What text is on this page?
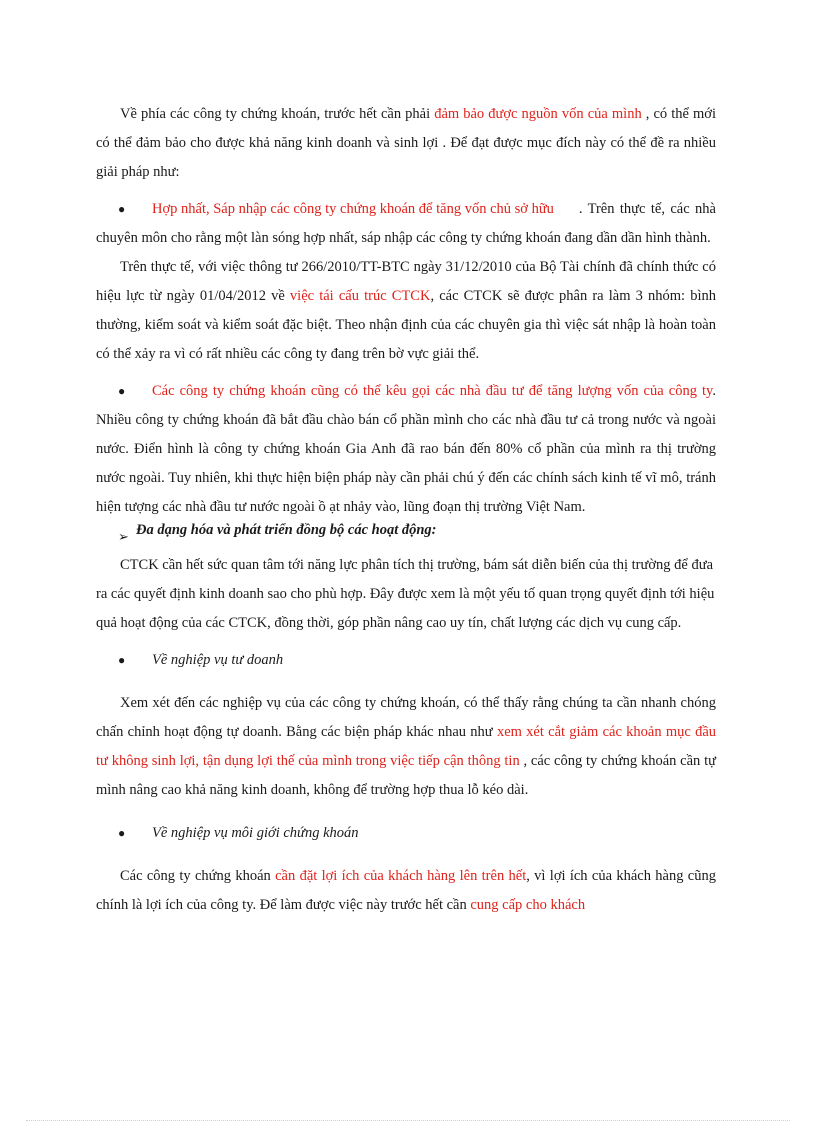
Về phía các công ty chứng khoán, trước hết cần phải đảm bảo được nguồn vốn của mình , có thể mới có thể đảm bảo cho được khả năng kinh doanh và sinh lợi . Để đạt được mục đích này có thể đề ra nhiều giải pháp như:

●	Hợp nhất, Sáp nhập các công ty chứng khoán để tăng vốn chủ sở hữu	. Trên thực tế, các nhà chuyên môn cho rằng một làn sóng hợp nhất, sáp nhập các công ty chứng khoán đang dần dần hình thành.

Trên thực tế, với việc thông tư 266/2010/TT-BTC ngày 31/12/2010 của Bộ Tài chính đã chính thức có hiệu lực từ ngày 01/04/2012 về việc tái cấu trúc CTCK, các CTCK sẽ được phân ra làm 3 nhóm: bình thường, kiểm soát và kiểm soát đặc biệt. Theo nhận định của các chuyên gia thì việc sát nhập là hoàn toàn có thể xảy ra vì có rất nhiều các công ty đang trên bờ vực giải thể.

● Các công ty chứng khoán cũng có thể kêu gọi các nhà đầu tư để tăng lượng vốn của công ty. Nhiều công ty chứng khoán đã bắt đầu chào bán cổ phần mình cho các nhà đầu tư cả trong nước và ngoài nước. Điển hình là công ty chứng khoán Gia Anh đã rao bán đến 80% cổ phần của mình ra thị trường nước ngoài. Tuy nhiên, khi thực hiện biện pháp này cần phải chú ý đến các chính sách kinh tế vĩ mô, tránh hiện tượng các nhà đầu tư nước ngoài ồ ạt nhảy vào, lũng đoạn thị trường Việt Nam.

➢ Đa dạng hóa và phát triển đồng bộ các hoạt động:

CTCK cần hết sức quan tâm tới năng lực phân tích thị trường, bám sát diễn biến của thị trường để đưa ra các quyết định kinh doanh sao cho phù hợp. Đây được xem là một yếu tố quan trọng quyết định tới hiệu quả hoạt động của các CTCK, đồng thời, góp phần nâng cao uy tín, chất lượng các dịch vụ cung cấp.

●	Về nghiệp vụ tư doanh

Xem xét đến các nghiệp vụ của các công ty chứng khoán, có thể thấy rằng chúng ta cần nhanh chóng chấn chỉnh hoạt động tự doanh. Bằng các biện pháp khác nhau như xem xét cắt giảm các khoản mục đầu tư không sinh lợi, tận dụng lợi thế của mình trong việc tiếp cận thông tin , các công ty chứng khoán cần tự mình nâng cao khả năng kinh doanh, không để trường hợp thua lỗ kéo dài.

●	Về nghiệp vụ môi giới chứng khoán

Các công ty chứng khoán cần đặt lợi ích của khách hàng lên trên hết, vì lợi ích của khách hàng cũng chính là lợi ích của công ty. Để làm được việc này trước hết cần cung cấp cho khách
